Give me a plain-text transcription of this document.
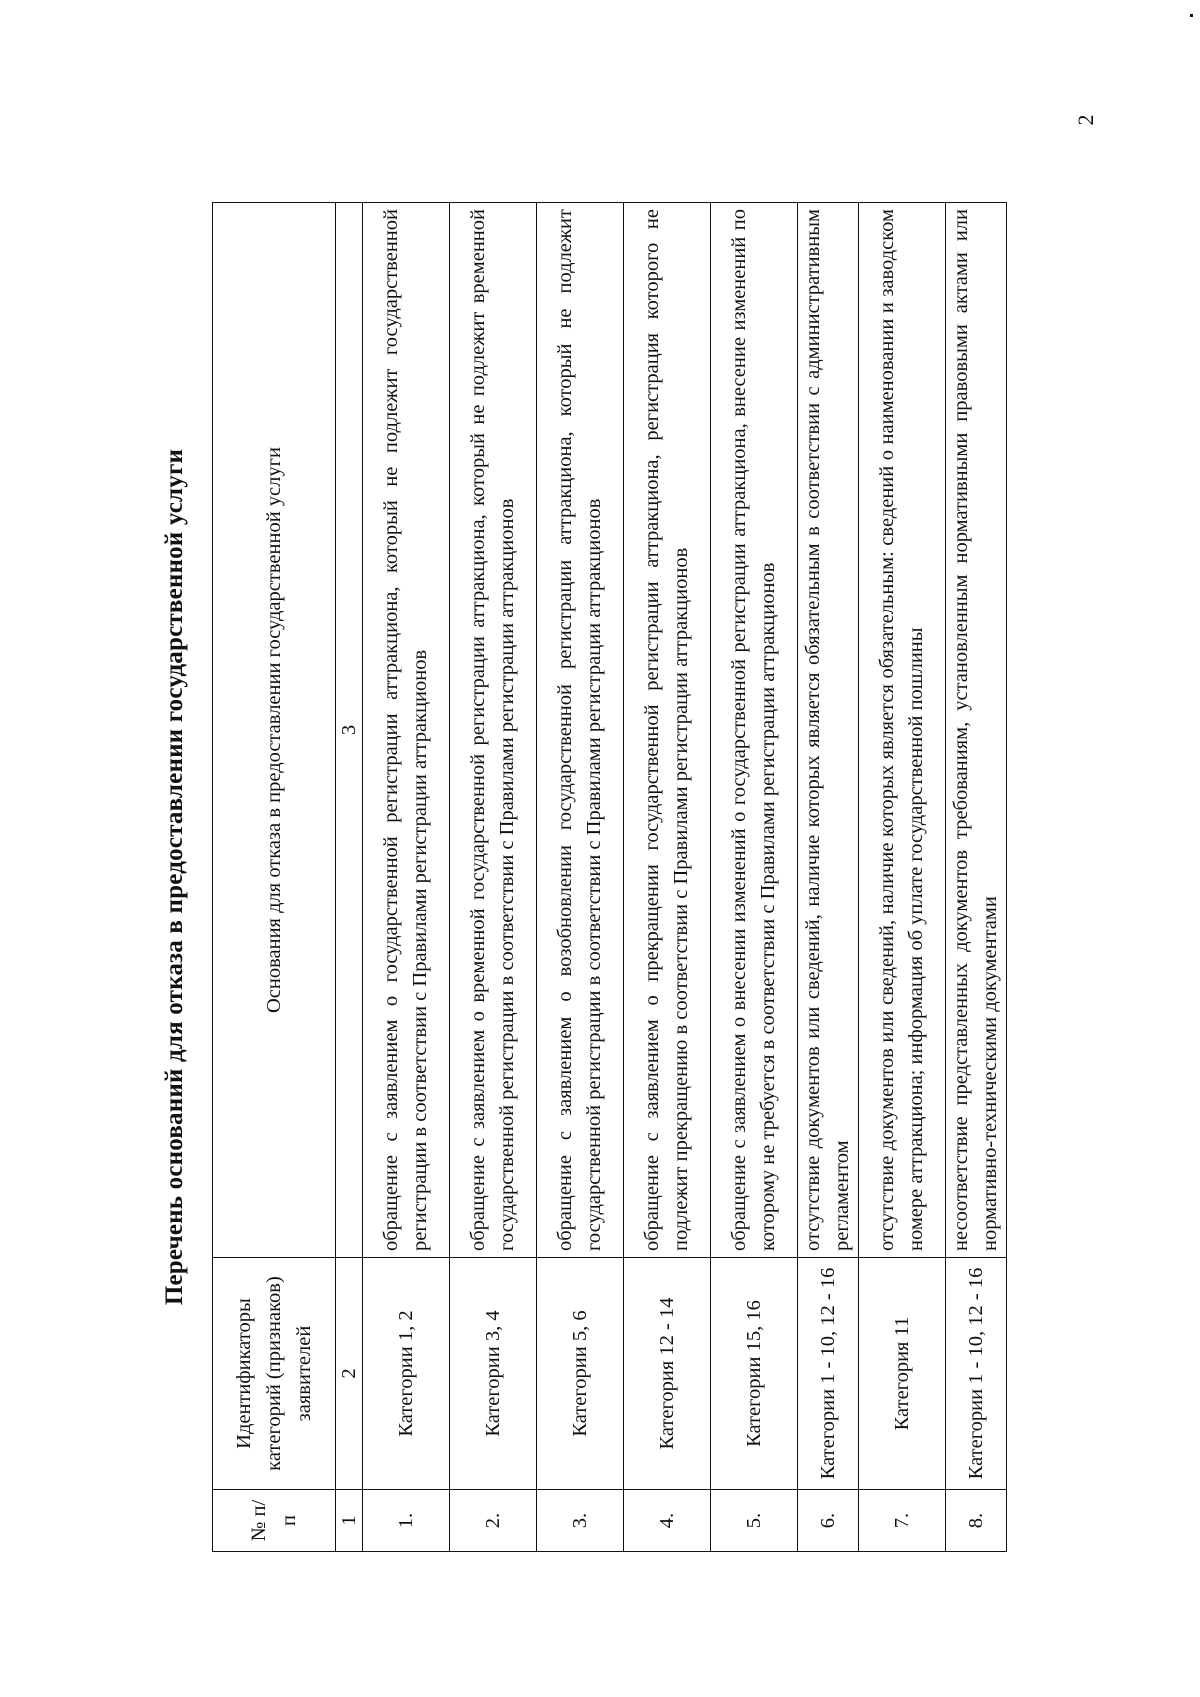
2
Перечень оснований для отказа в предоставлении государственной услуги
№ п/п	Идентификаторы категорий (признаков) заявителей	Основания для отказа в предоставлении государственной услуги
1	2	3
1.	Категории 1, 2	обращение с заявлением о государственной регистрации аттракциона, который не подлежит государственной регистрации в соответствии с Правилами регистрации аттракционов
2.	Категории 3, 4	обращение с заявлением о временной государственной регистрации аттракциона, который не подлежит временной государственной регистрации в соответствии с Правилами регистрации аттракционов
3.	Категории 5, 6	обращение с заявлением о возобновлении государственной регистрации аттракциона, который не подлежит государственной регистрации в соответствии с Правилами регистрации аттракционов
4.	Категория 12 - 14	обращение с заявлением о прекращении государственной регистрации аттракциона, регистрация которого не подлежит прекращению в соответствии с Правилами регистрации аттракционов
5.	Категории 15, 16	обращение с заявлением о внесении изменений о государственной регистрации аттракциона, внесение изменений по которому не требуется в соответствии с Правилами регистрации аттракционов
6.	Категории 1 - 10, 12 - 16	отсутствие документов или сведений, наличие которых является обязательным в соответствии с административным регламентом
7.	Категория 11	отсутствие документов или сведений, наличие которых является обязательным: сведений о наименовании и заводском номере аттракциона; информация об уплате государственной пошлины
8.	Категории 1 - 10, 12 - 16	несоответствие представленных документов требованиям, установленным нормативными правовыми актами или нормативно-техническими документами
